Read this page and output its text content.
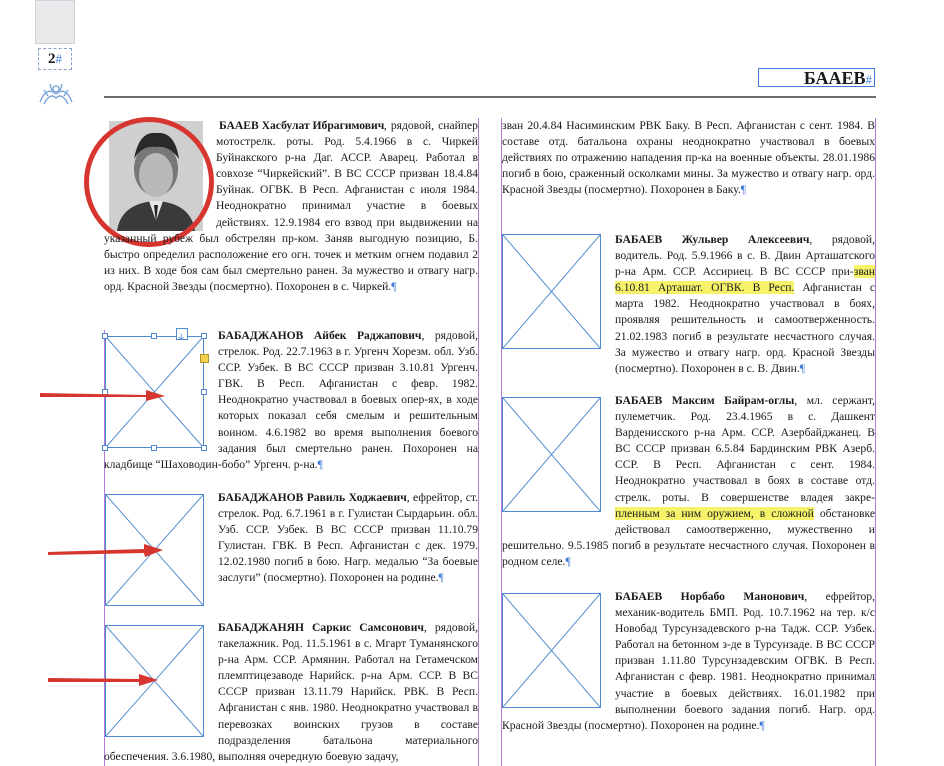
2#
БААЕВ#
БААЕВ Хасбулат Ибрагимович , рядовой, снайпер мотострелк. роты. Род. 5.4.1966 в с. Чиркей Буйнакского р-на Даг. АССР. Аварец. Работал в совхозе “Чиркейский”. В ВС СССР призван 18.4.84 Буйнак. ОГВК. В Респ. Афганистан с июля 1984. Неоднократно принимал участие в боевых действиях. 12.9.1984 его взвод при выдвижении на указанный рубеж был обстрелян пр-ком. Заняв выгодную позицию, Б. быстро определил расположение его огн. точек и метким огнем подавил 2 из них. В ходе боя сам был смертельно ранен. За мужество и отвагу нагр. орд. Красной Звезды (посмертно). Похоронен в с. Чиркей.¶
БАБАДЖАНОВ Айбек Раджапович, рядовой, стрелок. Род. 22.7.1963 в г. Ургенч Хорезм. обл. Узб. ССР. Узбек. В ВС СССР призван 3.10.81 Ургенч. ГВК. В Респ. Афганистан с февр. 1982. Неоднократно участвовал в боевых опер-ях, в ходе которых показал себя смелым и решительным воином. 4.6.1982 во время выполнения боевого задания был смертельно ранен. Похоронен на кладбище “Шаховодин-бобо” Ургенч. р-на.¶
БАБАДЖАНОВ Равиль Ходжаевич, ефрейтор, ст. стрелок. Род. 6.7.1961 в г. Гулистан Сырдарьин. обл. Узб. ССР. Узбек. В ВС СССР призван 11.10.79 Гулистан. ГВК. В Респ. Афганистан с дек. 1979. 12.02.1980 погиб в бою. Нагр. медалью “За боевые заслуги” (посмертно). Похоронен на родине.¶
БАБАДЖАНЯН Саркис Самсонович, рядовой, такелажник. Род. 11.5.1961 в с. Мгарт Туманянского р-на Арм. ССР. Армянин. Работал на Гетамечском племптицезаводе Нарийск. р-на Арм. ССР. В ВС СССР призван 13.11.79 Нарийск. РВК. В Респ. Афганистан с янв. 1980. Неоднократно участвовал в перевозках воинских грузов в составе подразделения батальона материального обеспечения. 3.6.1980, выполняя очередную боевую задачу,
зван 20.4.84 Насиминским РВК Баку. В Респ. Афганистан с сент. 1984. В составе отд. батальона охраны неоднократно участвовал в боевых действиях по отражению нападения пр-ка на военные объекты. 28.01.1986 погиб в бою, сраженный осколками мины. За мужество и отвагу нагр. орд. Красной Звезды (посмертно). Похоронен в Баку.¶
БАБАЕВ Жульвер Алексеевич, рядовой, водитель. Род. 5.9.1966 в с. В. Двин Арташатского р-на Арм. ССР. Ассириец. В ВС СССР при-зван 6.10.81 Арташат. ОГВК. В Респ. Афганистан с марта 1982. Неоднократно участвовал в боях, проявляя решительность и самоотверженность. 21.02.1983 погиб в результате несчастного случая. За мужество и отвагу нагр. орд. Красной Звезды (посмертно). Похоронен в с. В. Двин.¶
БАБАЕВ Максим Байрам-оглы, мл. сержант, пулеметчик. Род. 23.4.1965 в с. Дашкент Варденисского р-на Арм. ССР. Азербайджанец. В ВС СССР призван 6.5.84 Бардинским РВК Азерб. ССР. В Респ. Афганистан с сент. 1984. Неоднократно участвовал в боях в составе отд. стрелк. роты. В совершенстве владея закре-пленным за ним оружием, в сложной обстановке действовал самоотверженно, мужественно и решительно. 9.5.1985 погиб в результате несчастного случая. Похоронен в родном селе.¶
БАБАЕВ Норбабо Манонович, ефрейтор, механик-водитель БМП. Род. 10.7.1962 на тер. к/с Новобад Турсунзадевского р-на Тадж. ССР. Узбек. Работал на бетонном з-де в Турсунзаде. В ВС СССР призван 1.11.80 Турсунзадевским ОГВК. В Респ. Афганистан с февр. 1981. Неоднократно принимал участие в боевых действиях. 16.01.1982 при выполнении боевого задания погиб. Нагр. орд. Красной Звезды (посмертно). Похоронен на родине.¶
